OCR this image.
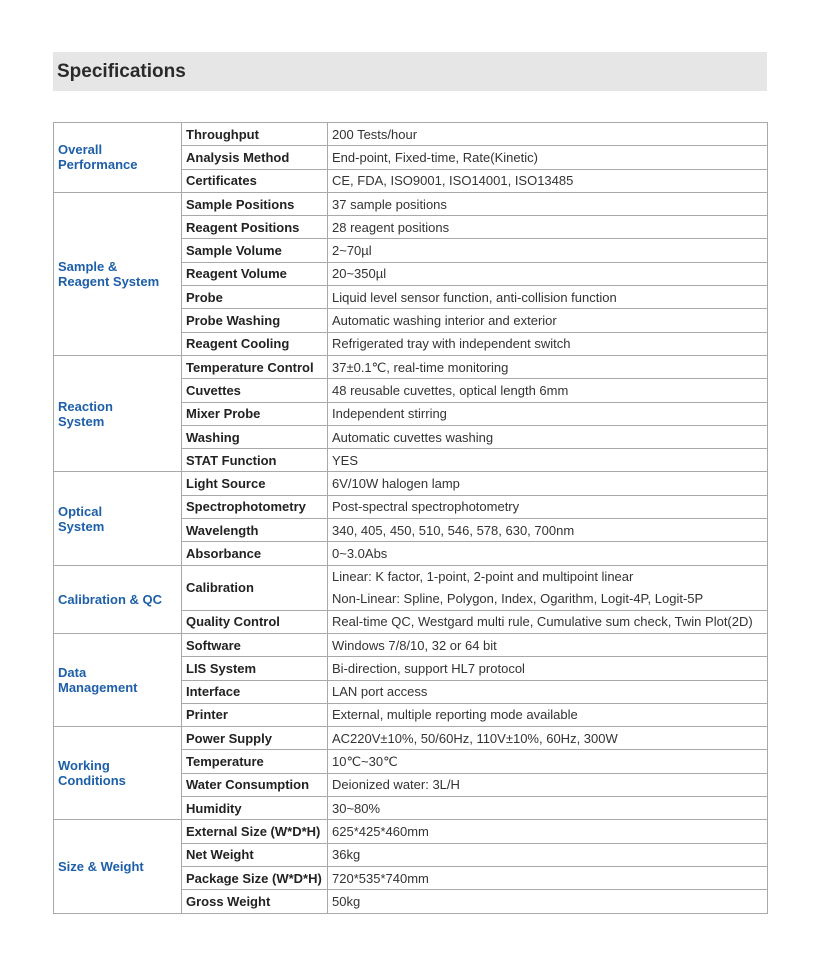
Specifications
Overall
Performance	Throughput	200 Tests/hour
	Analysis Method	End-point, Fixed-time, Rate(Kinetic)
	Certificates	CE, FDA, ISO9001, ISO14001, ISO13485

Sample &
Reagent System	Sample Positions	37 sample positions
	Reagent Positions	28 reagent positions
	Sample Volume	2~70µl
	Reagent Volume	20~350µl
	Probe	Liquid level sensor function, anti-collision function
	Probe Washing	Automatic washing interior and exterior
	Reagent Cooling	Refrigerated tray with independent switch

Reaction
System	Temperature Control	37±0.1℃, real-time monitoring
	Cuvettes	48 reusable cuvettes, optical length 6mm
	Mixer Probe	Independent stirring
	Washing	Automatic cuvettes washing
	STAT Function	YES

Optical
System	Light Source	6V/10W halogen lamp
	Spectrophotometry	Post-spectral spectrophotometry
	Wavelength	340, 405, 450, 510, 546, 578, 630, 700nm
	Absorbance	0~3.0Abs

Calibration & QC	Calibration	Linear: K factor, 1-point, 2-point and multipoint linear
Non-Linear: Spline, Polygon, Index, Ogarithm, Logit-4P, Logit-5P

	Quality Control	Real-time QC, Westgard multi rule, Cumulative sum check, Twin Plot(2D)

Data
Management	Software	Windows 7/8/10, 32 or 64 bit
	LIS System	Bi-direction, support HL7 protocol
	Interface	LAN port access
	Printer	External, multiple reporting mode available

Working
Conditions	Power Supply	AC220V±10%, 50/60Hz, 110V±10%, 60Hz, 300W
	Temperature	10℃~30℃
	Water Consumption	Deionized water: 3L/H
	Humidity	30~80%

Size & Weight	External Size (W*D*H)	625*425*460mm
	Net Weight	36kg
	Package Size (W*D*H)	720*535*740mm
	Gross Weight	50kg
